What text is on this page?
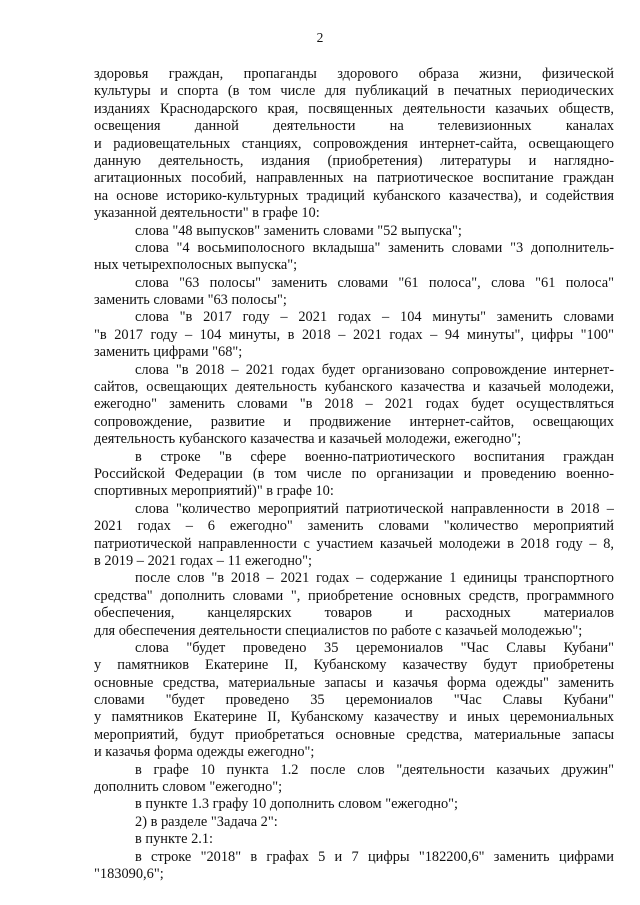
2
здоровья граждан, пропаганды здорового образа жизни, физической
культуры и спорта (в том числе для публикаций в печатных периодических
изданиях Краснодарского края, посвященных деятельности казачьих обществ,
освещения данной деятельности на телевизионных каналах
и радиовещательных станциях, сопровождения интернет-сайта, освещающего
данную деятельность, издания (приобретения) литературы и наглядно-
агитационных пособий, направленных на патриотическое воспитание граждан
на основе историко-культурных традиций кубанского казачества), и содействия
указанной деятельности" в графе 10:
слова "48 выпусков" заменить словами "52 выпуска";
слова "4 восьмиполосного вкладыша" заменить словами "3 дополнитель-
ных четырехполосных выпуска";
слова "63 полосы" заменить словами "61 полоса", слова "61 полоса"
заменить словами "63 полосы";
слова "в 2017 году – 2021 годах – 104 минуты" заменить словами
"в 2017 году – 104 минуты, в 2018 – 2021 годах – 94 минуты", цифры "100"
заменить цифрами "68";
слова "в 2018 – 2021 годах будет организовано сопровождение интернет-
сайтов, освещающих деятельность кубанского казачества и казачьей молодежи,
ежегодно" заменить словами "в 2018 – 2021 годах будет осуществляться
сопровождение, развитие и продвижение интернет-сайтов, освещающих
деятельность кубанского казачества и казачьей молодежи, ежегодно";
в строке "в сфере военно-патриотического воспитания граждан
Российской Федерации (в том числе по организации и проведению военно-
спортивных мероприятий)" в графе 10:
слова "количество мероприятий патриотической направленности в 2018 –
2021 годах – 6 ежегодно" заменить словами "количество мероприятий
патриотической направленности с участием казачьей молодежи в 2018 году – 8,
в 2019 – 2021 годах – 11 ежегодно";
после слов "в 2018 – 2021 годах – содержание 1 единицы транспортного
средства" дополнить словами ", приобретение основных средств, программного
обеспечения, канцелярских товаров и расходных материалов
для обеспечения деятельности специалистов по работе с казачьей молодежью";
слова "будет проведено 35 церемониалов "Час Славы Кубани"
у памятников Екатерине II, Кубанскому казачеству будут приобретены
основные средства, материальные запасы и казачья форма одежды" заменить
словами "будет проведено 35 церемониалов "Час Славы Кубани"
у памятников Екатерине II, Кубанскому казачеству и иных церемониальных
мероприятий, будут приобретаться основные средства, материальные запасы
и казачья форма одежды ежегодно";
в графе 10 пункта 1.2 после слов "деятельности казачьих дружин"
дополнить словом "ежегодно";
в пункте 1.3 графу 10 дополнить словом "ежегодно";
2) в разделе "Задача 2":
в пункте 2.1:
в строке "2018" в графах 5 и 7 цифры "182200,6" заменить цифрами
"183090,6";
